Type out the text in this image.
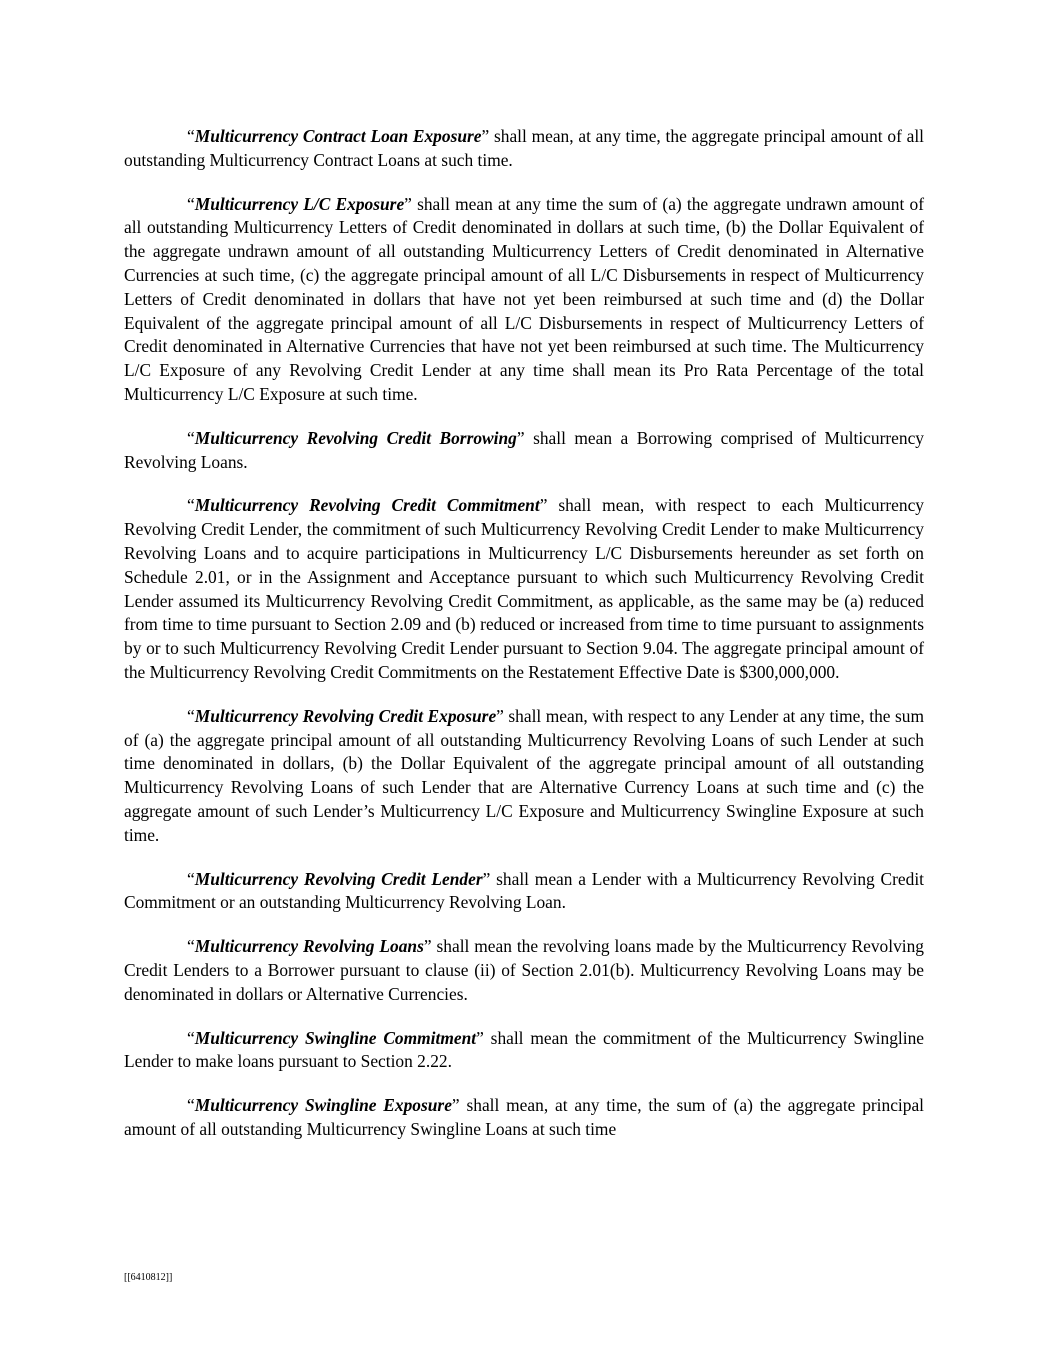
“Multicurrency Contract Loan Exposure” shall mean, at any time, the aggregate principal amount of all outstanding Multicurrency Contract Loans at such time.

“Multicurrency L/C Exposure” shall mean at any time the sum of (a) the aggregate undrawn amount of all outstanding Multicurrency Letters of Credit denominated in dollars at such time, (b) the Dollar Equivalent of the aggregate undrawn amount of all outstanding Multicurrency Letters of Credit denominated in Alternative Currencies at such time, (c) the aggregate principal amount of all L/C Disbursements in respect of Multicurrency Letters of Credit denominated in dollars that have not yet been reimbursed at such time and (d) the Dollar Equivalent of the aggregate principal amount of all L/C Disbursements in respect of Multicurrency Letters of Credit denominated in Alternative Currencies that have not yet been reimbursed at such time. The Multicurrency L/C Exposure of any Revolving Credit Lender at any time shall mean its Pro Rata Percentage of the total Multicurrency L/C Exposure at such time.

“Multicurrency Revolving Credit Borrowing” shall mean a Borrowing comprised of Multicurrency Revolving Loans.

“Multicurrency Revolving Credit Commitment” shall mean, with respect to each Multicurrency Revolving Credit Lender, the commitment of such Multicurrency Revolving Credit Lender to make Multicurrency Revolving Loans and to acquire participations in Multicurrency L/C Disbursements hereunder as set forth on Schedule 2.01, or in the Assignment and Acceptance pursuant to which such Multicurrency Revolving Credit Lender assumed its Multicurrency Revolving Credit Commitment, as applicable, as the same may be (a) reduced from time to time pursuant to Section 2.09 and (b) reduced or increased from time to time pursuant to assignments by or to such Multicurrency Revolving Credit Lender pursuant to Section 9.04. The aggregate principal amount of the Multicurrency Revolving Credit Commitments on the Restatement Effective Date is $300,000,000.

“Multicurrency Revolving Credit Exposure” shall mean, with respect to any Lender at any time, the sum of (a) the aggregate principal amount of all outstanding Multicurrency Revolving Loans of such Lender at such time denominated in dollars, (b) the Dollar Equivalent of the aggregate principal amount of all outstanding Multicurrency Revolving Loans of such Lender that are Alternative Currency Loans at such time and (c) the aggregate amount of such Lender’s Multicurrency L/C Exposure and Multicurrency Swingline Exposure at such time.

“Multicurrency Revolving Credit Lender” shall mean a Lender with a Multicurrency Revolving Credit Commitment or an outstanding Multicurrency Revolving Loan.

“Multicurrency Revolving Loans” shall mean the revolving loans made by the Multicurrency Revolving Credit Lenders to a Borrower pursuant to clause (ii) of Section 2.01(b). Multicurrency Revolving Loans may be denominated in dollars or Alternative Currencies.

“Multicurrency Swingline Commitment” shall mean the commitment of the Multicurrency Swingline Lender to make loans pursuant to Section 2.22.

“Multicurrency Swingline Exposure” shall mean, at any time, the sum of (a) the aggregate principal amount of all outstanding Multicurrency Swingline Loans at such time

[[6410812]]
